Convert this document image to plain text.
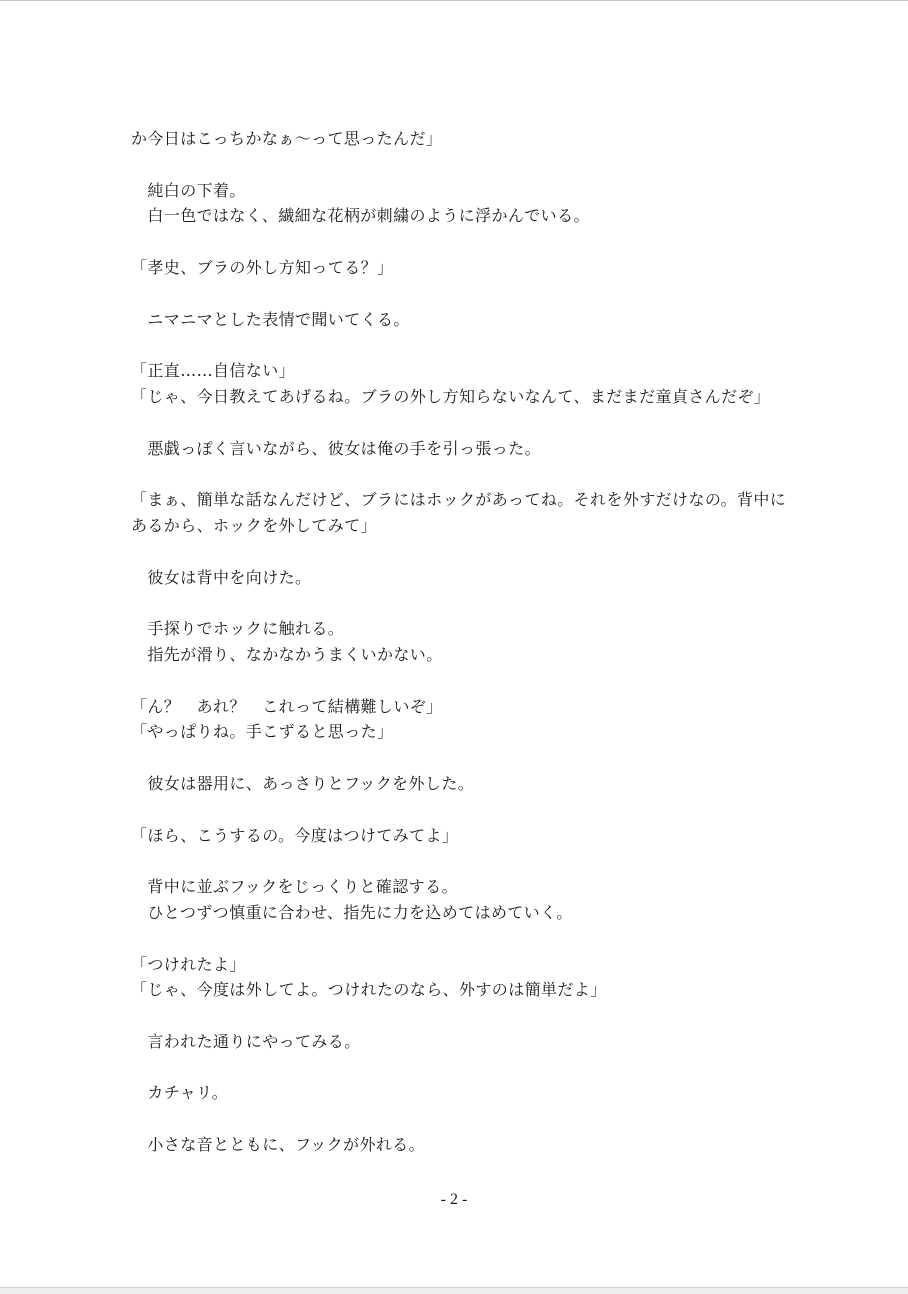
か今日はこっちかなぁ〜って思ったんだ」
　純白の下着。
　白一色ではなく、繊細な花柄が刺繍のように浮かんでいる。
「孝史、ブラの外し方知ってる？」
　ニマニマとした表情で聞いてくる。
「正直……自信ない」
「じゃ、今日教えてあげるね。ブラの外し方知らないなんて、まだまだ童貞さんだぞ」
　悪戯っぽく言いながら、彼女は俺の手を引っ張った。
「まぁ、簡単な話なんだけど、ブラにはホックがあってね。それを外すだけなの。背中に
あるから、ホックを外してみて」
　彼女は背中を向けた。
　手探りでホックに触れる。
　指先が滑り、なかなかうまくいかない。
「ん？　あれ？　これって結構難しいぞ」
「やっぱりね。手こずると思った」
　彼女は器用に、あっさりとフックを外した。
「ほら、こうするの。今度はつけてみてよ」
　背中に並ぶフックをじっくりと確認する。
　ひとつずつ慎重に合わせ、指先に力を込めてはめていく。
「つけれたよ」
「じゃ、今度は外してよ。つけれたのなら、外すのは簡単だよ」
　言われた通りにやってみる。
　カチャリ。
　小さな音とともに、フックが外れる。
- 2 -
